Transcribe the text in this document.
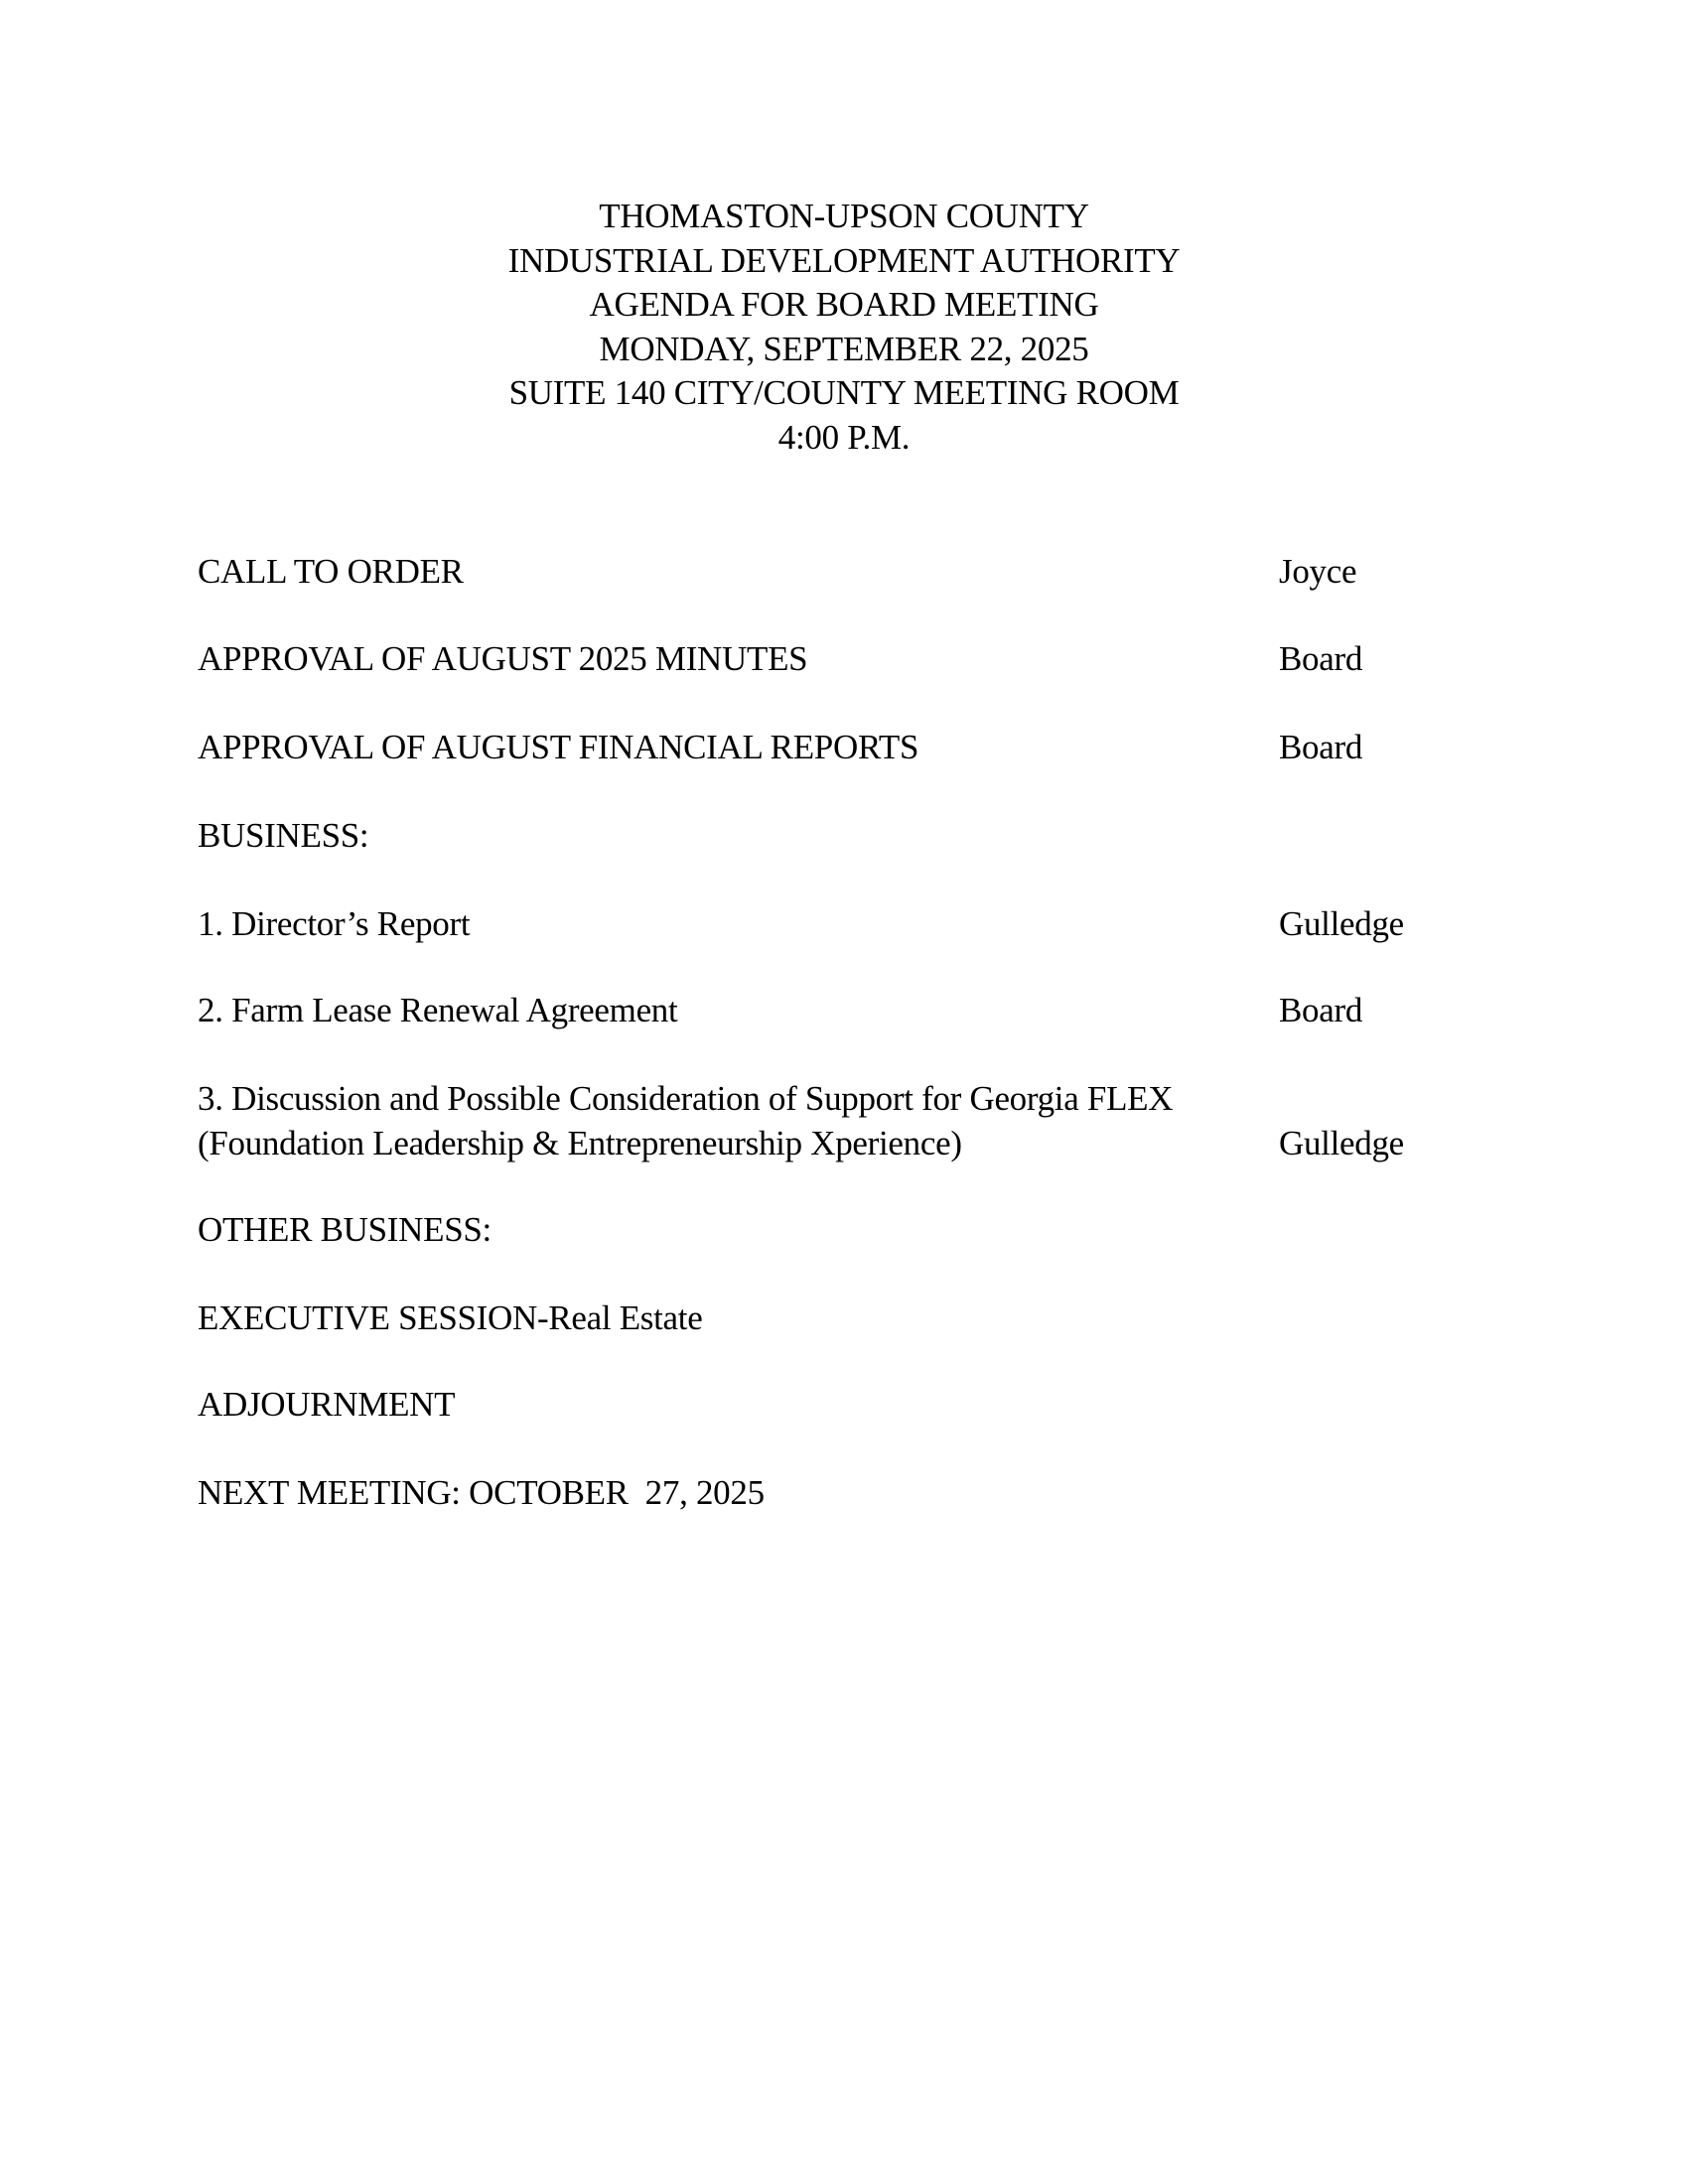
THOMASTON-UPSON COUNTY
INDUSTRIAL DEVELOPMENT AUTHORITY
AGENDA FOR BOARD MEETING
MONDAY, SEPTEMBER 22, 2025
SUITE 140 CITY/COUNTY MEETING ROOM
4:00 P.M.
CALL TO ORDER	Joyce
APPROVAL OF AUGUST 2025 MINUTES	Board
APPROVAL OF AUGUST FINANCIAL REPORTS	Board
BUSINESS:
1. Director’s Report	Gulledge
2. Farm Lease Renewal Agreement	Board
3. Discussion and Possible Consideration of Support for Georgia FLEX
(Foundation Leadership & Entrepreneurship Xperience)	Gulledge
OTHER BUSINESS:
EXECUTIVE SESSION-Real Estate
ADJOURNMENT

NEXT MEETING: OCTOBER  27, 2025
